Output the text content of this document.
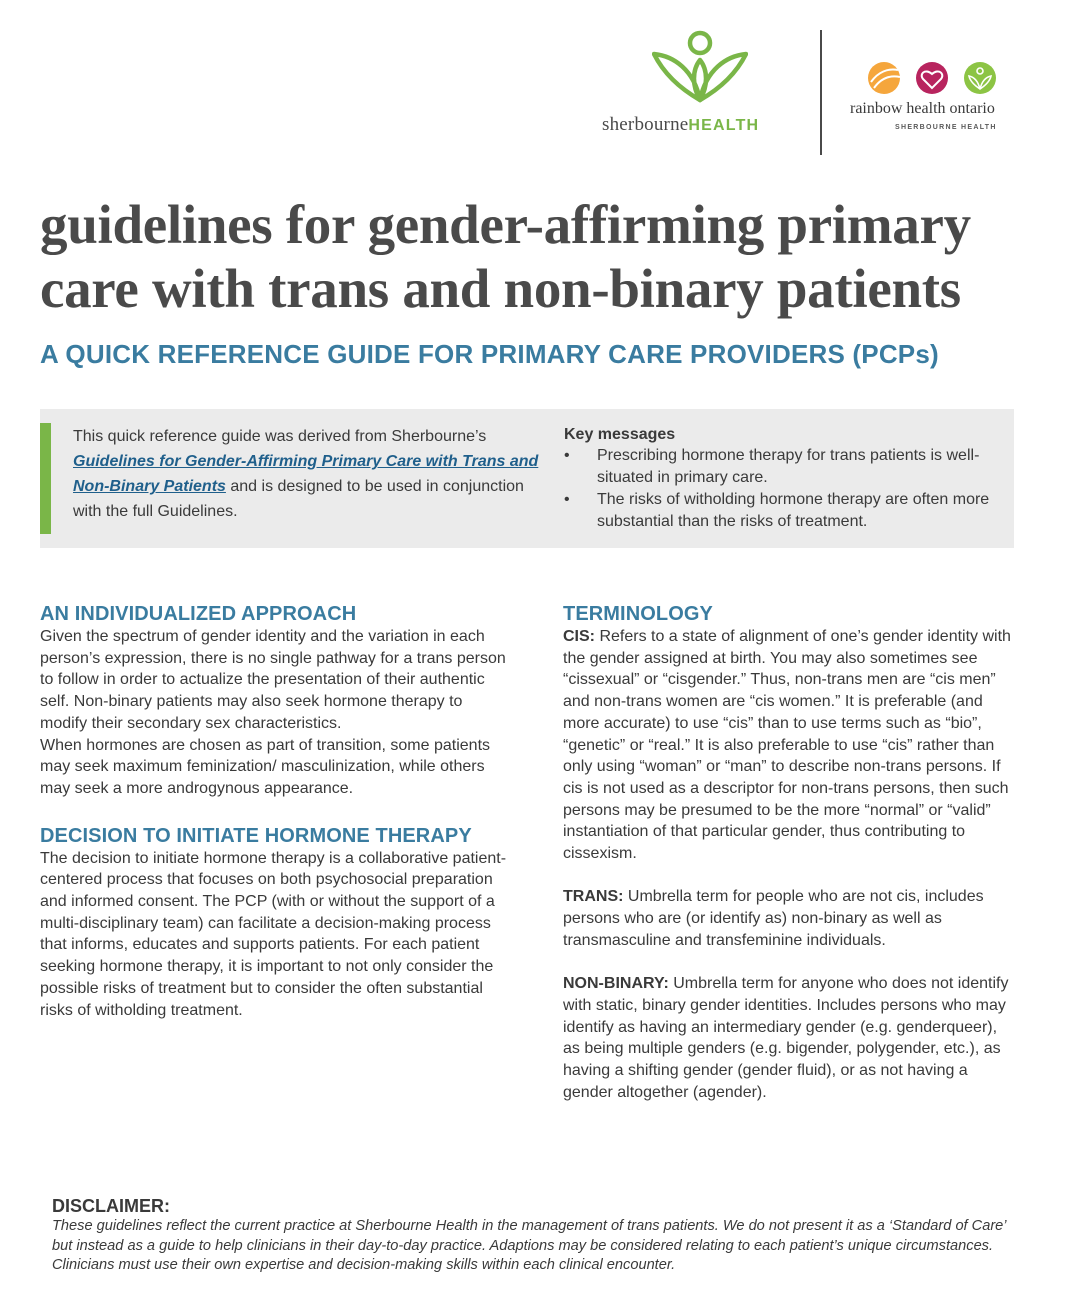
sherbourneHEALTH
rainbow health ontario
SHERBOURNE HEALTH
guidelines for gender-affirming primary care with trans and non-binary patients
A QUICK REFERENCE GUIDE FOR PRIMARY CARE PROVIDERS (PCPs)

This quick reference guide was derived from Sherbourne’s Guidelines for Gender-Affirming Primary Care with Trans and Non-Binary Patients and is designed to be used in conjunction with the full Guidelines.

Key messages
• Prescribing hormone therapy for trans patients is well-situated in primary care.
• The risks of witholding hormone therapy are often more substantial than the risks of treatment.
AN INDIVIDUALIZED APPROACH

Given the spectrum of gender identity and the variation in each person’s expression, there is no single pathway for a trans person to follow in order to actualize the presentation of their authentic self. Non-binary patients may also seek hormone therapy to modify their secondary sex characteristics.

When hormones are chosen as part of transition, some patients may seek maximum feminization/ masculinization, while others may seek a more androgynous appearance.

DECISION TO INITIATE HORMONE THERAPY

The decision to initiate hormone therapy is a collaborative patient-centered process that focuses on both psychosocial preparation and informed consent. The PCP (with or without the support of a multi-disciplinary team) can facilitate a decision-making process that informs, educates and supports patients. For each patient seeking hormone therapy, it is important to not only consider the possible risks of treatment but to consider the often substantial risks of witholding treatment.

TERMINOLOGY

CIS: Refers to a state of alignment of one’s gender identity with the gender assigned at birth. You may also sometimes see “cissexual” or “cisgender.” Thus, non-trans men are “cis men” and non-trans women are “cis women.” It is preferable (and more accurate) to use “cis” than to use terms such as “bio”, “genetic” or “real.” It is also preferable to use “cis” rather than only using “woman” or “man” to describe non-trans persons. If cis is not used as a descriptor for non-trans persons, then such persons may be presumed to be the more “normal” or “valid” instantiation of that particular gender, thus contributing to cissexism.

TRANS: Umbrella term for people who are not cis, includes persons who are (or identify as) non-binary as well as transmasculine and transfeminine individuals.

NON-BINARY: Umbrella term for anyone who does not identify with static, binary gender identities. Includes persons who may identify as having an intermediary gender (e.g. genderqueer), as being multiple genders (e.g. bigender, polygender, etc.), as having a shifting gender (gender fluid), or as not having a gender altogether (agender).

DISCLAIMER:

These guidelines reflect the current practice at Sherbourne Health in the management of trans patients. We do not present it as a ‘Standard of Care’ but instead as a guide to help clinicians in their day-to-day practice. Adaptions may be considered relating to each patient’s unique circumstances. Clinicians must use their own expertise and decision-making skills within each clinical encounter.
